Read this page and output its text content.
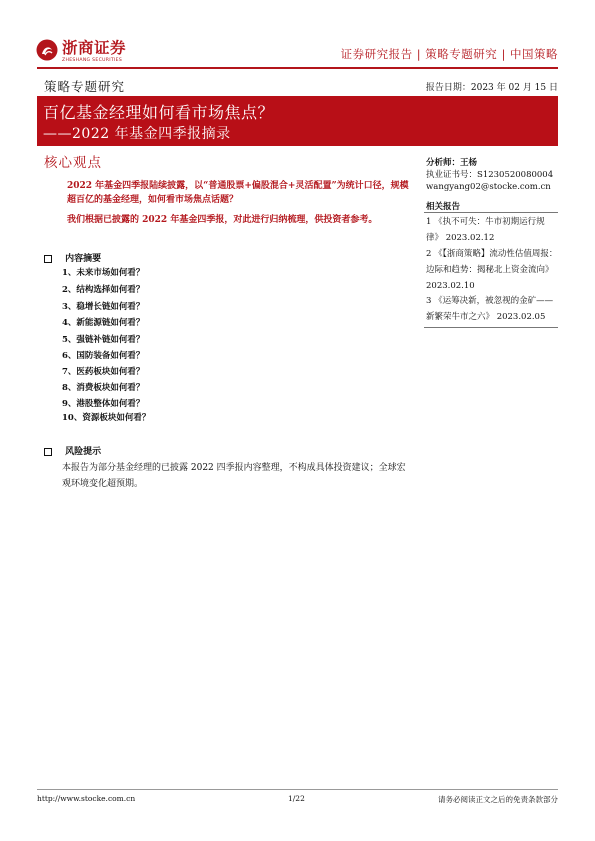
浙商证券
ZHESHANG SECURITIES	证券研究报告 | 策略专题研究 | 中国策略
策略专题研究	报告日期：2023 年 02 月 15 日
百亿基金经理如何看市场焦点？
——2022 年基金四季报摘录
核心观点
2022 年基金四季报陆续披露，以“普通股票+偏股混合+灵活配置”为统计口径，规模超百亿的基金经理，如何看市场焦点话题？
我们根据已披露的 2022 年基金四季报，对此进行归纳梳理，供投资者参考。
内容摘要
1、未来市场如何看？
2、结构选择如何看？
3、稳增长链如何看？
4、新能源链如何看？
5、强链补链如何看？
6、国防装备如何看？
7、医药板块如何看？
8、消费板块如何看？
9、港股整体如何看？
10、资源板块如何看？
风险提示
本报告为部分基金经理的已披露 2022 四季报内容整理，不构成具体投资建议；全球宏观环境变化超预期。
分析师：王杨
执业证书号：S1230520080004
wangyang02@stocke.com.cn
相关报告
1 《执不可失：牛市初期运行规律》 2023.02.12
2 《【浙商策略】流动性估值周报：边际和趋势：揭秘北上资金流向》 2023.02.10
3 《运筹决新，被忽视的金矿——新繁荣牛市之六》 2023.02.05
http://www.stocke.com.cn	1/22	请务必阅读正文之后的免责条款部分
